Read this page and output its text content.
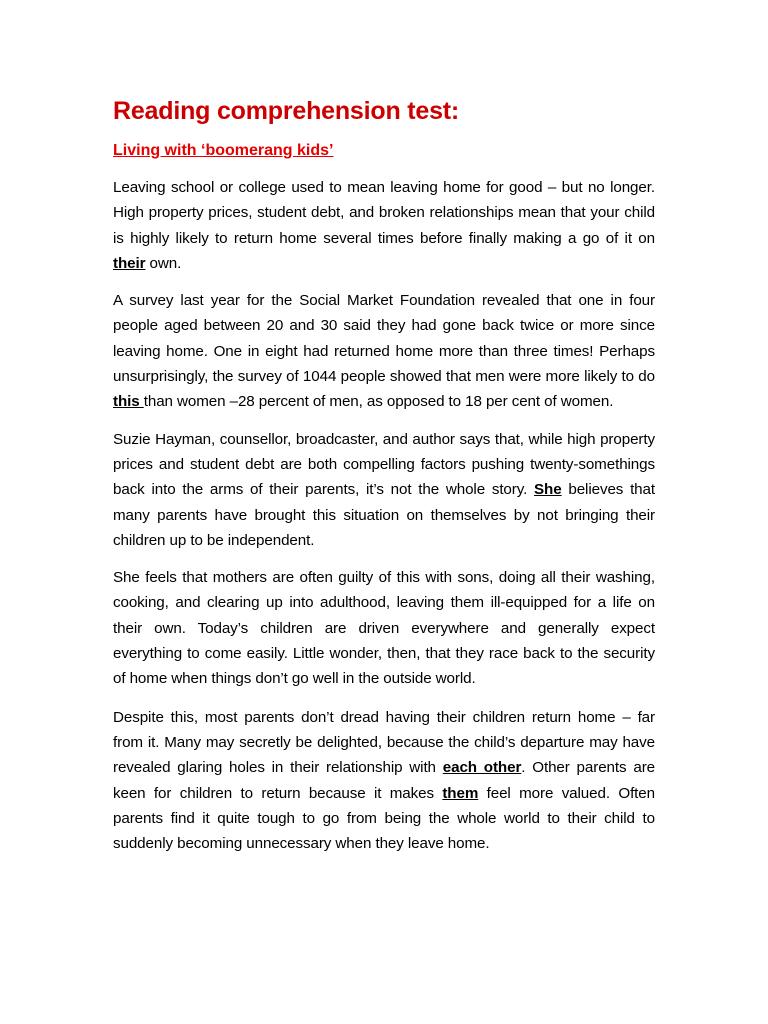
Reading comprehension test:
Living with ‘boomerang kids’

Leaving school or college used to mean leaving home for good – but no longer. High property prices, student debt, and broken relationships mean that your child is highly likely to return home several times before finally making a go of it on their own.

A survey last year for the Social Market Foundation revealed that one in four people aged between 20 and 30 said they had gone back twice or more since leaving home. One in eight had returned home more than three times! Perhaps unsurprisingly, the survey of 1044 people showed that men were more likely to do this than women –28 percent of men, as opposed to 18 per cent of women.

Suzie Hayman, counsellor, broadcaster, and author says that, while high property prices and student debt are both compelling factors pushing twenty-somethings back into the arms of their parents, it’s not the whole story. She believes that many parents have brought this situation on themselves by not bringing their children up to be independent.

She feels that mothers are often guilty of this with sons, doing all their washing, cooking, and clearing up into adulthood, leaving them ill-equipped for a life on their own. Today’s children are driven everywhere and generally expect everything to come easily. Little wonder, then, that they race back to the security of home when things don’t go well in the outside world.

Despite this, most parents don’t dread having their children return home – far from it. Many may secretly be delighted, because the child’s departure may have revealed glaring holes in their relationship with each other. Other parents are keen for children to return because it makes them feel more valued. Often parents find it quite tough to go from being the whole world to their child to suddenly becoming unnecessary when they leave home.
